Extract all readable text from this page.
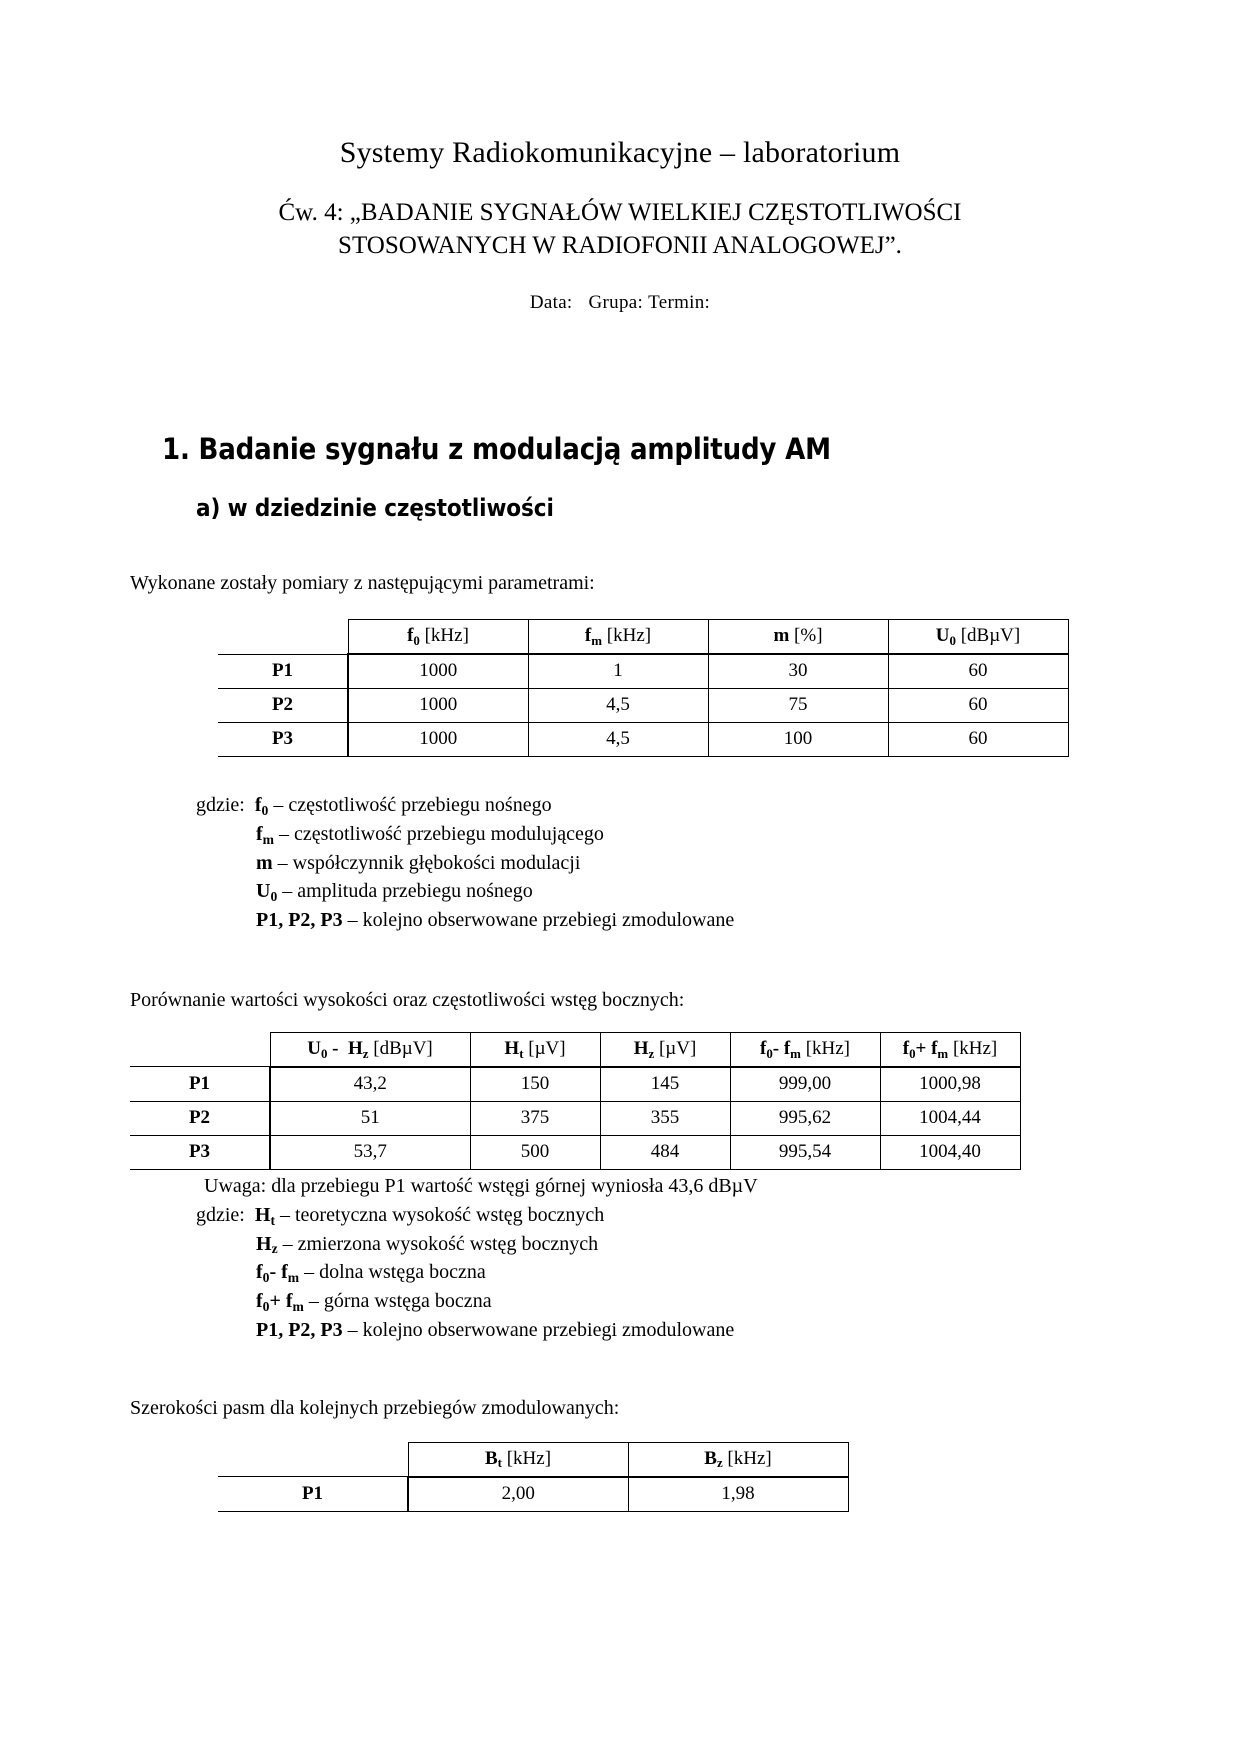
Systemy Radiokomunikacyjne – laboratorium
Ćw. 4: „BADANIE SYGNAŁÓW WIELKIEJ CZĘSTOTLIWOŚCI
STOSOWANYCH W RADIOFONII ANALOGOWEJ”.
Data: Grupa: Termin:
1. Badanie sygnału z modulacją amplitudy AM
a) w dziedzinie częstotliwości

Wykonane zostały pomiary z następującymi parametrami:

	$f_0$ [kHz]	$f_m$ [kHz]	m [%]	$U_0$ [dBµV]
P1	1000	1	30	60
P2	1000	4,5	75	60
P3	1000	4,5	100	60
gdzie: $f_0$ – częstotliwość przebiegu nośnego
$f_m$ – częstotliwość przebiegu modulującego
m – współczynnik głębokości modulacji
$U_0$ – amplituda przebiegu nośnego
P1, P2, P3 – kolejno obserwowane przebiegi zmodulowane

Porównanie wartości wysokości oraz częstotliwości wstęg bocznych:

	$U_0 - H_z$ [dBµV]	$H_t$ [µV]	$H_z$ [µV]	$f_0-$ $f_m$ [kHz]	$f_0+ f_m$ [kHz]
P1	43,2	150	145	999,00	1000,98
P2	51	375	355	995,62	1004,44
P3	53,7	500	484	995,54	1004,40
Uwaga: dla przebiegu P1 wartość wstęgi górnej wyniosła 43,6 dBµV
gdzie: $H_t$ – teoretyczna wysokość wstęg bocznych
$H_z$ – zmierzona wysokość wstęg bocznych
$f_0-$ $f_m$ – dolna wstęga boczna
$f_0+ f_m$ – górna wstęga boczna
P1, P2, P3 – kolejno obserwowane przebiegi zmodulowane

Szerokości pasm dla kolejnych przebiegów zmodulowanych:

	$B_t$ [kHz]	$B_z$ [kHz]
P1	2,00	1,98
